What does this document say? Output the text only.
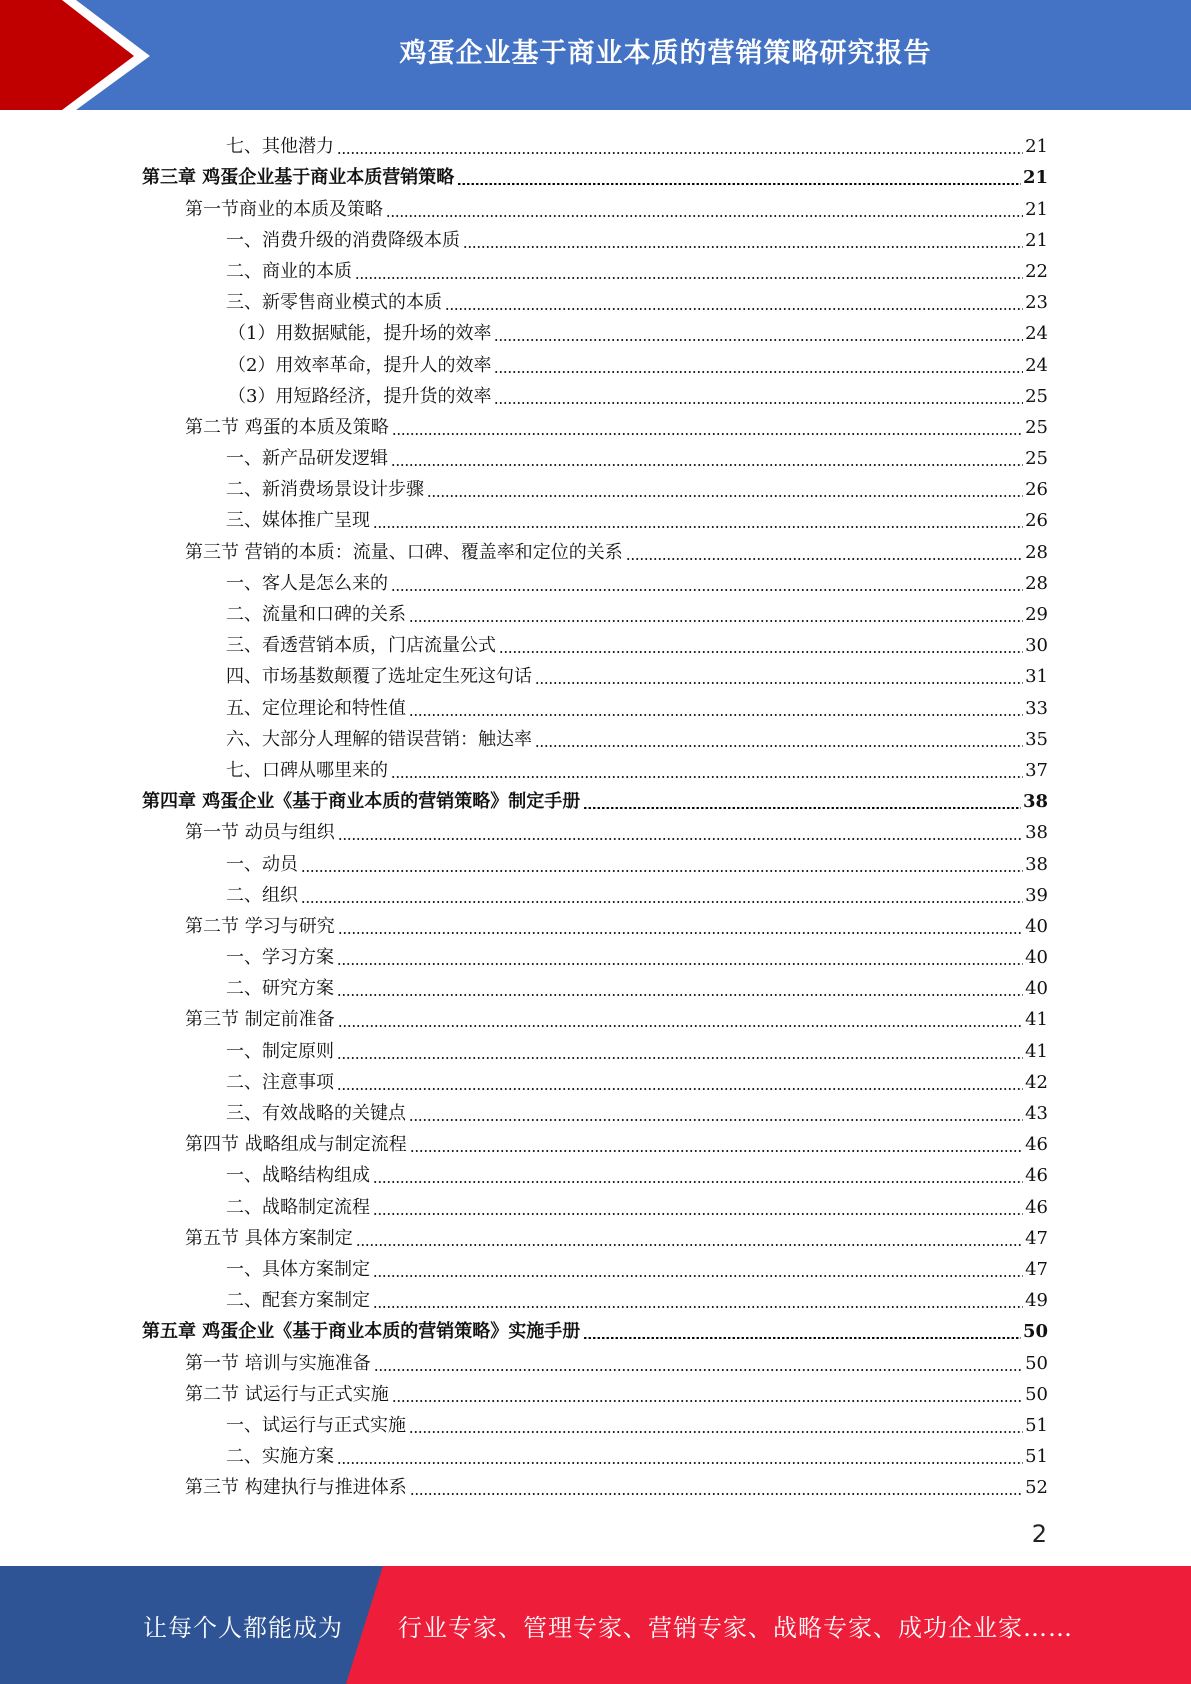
鸡蛋企业基于商业本质的营销策略研究报告
七、其他潜力	21
第三章 鸡蛋企业基于商业本质营销策略	21
第一节商业的本质及策略	21
一、消费升级的消费降级本质	21
二、商业的本质	22
三、新零售商业模式的本质	23
（1）用数据赋能，提升场的效率	24
（2）用效率革命，提升人的效率	24
（3）用短路经济，提升货的效率	25
第二节 鸡蛋的本质及策略	25
一、新产品研发逻辑	25
二、新消费场景设计步骤	26
三、媒体推广呈现	26
第三节 营销的本质：流量、口碑、覆盖率和定位的关系	28
一、客人是怎么来的	28
二、流量和口碑的关系	29
三、看透营销本质，门店流量公式	30
四、市场基数颠覆了选址定生死这句话	31
五、定位理论和特性值	33
六、大部分人理解的错误营销：触达率	35
七、口碑从哪里来的	37
第四章 鸡蛋企业《基于商业本质的营销策略》制定手册	38
第一节 动员与组织	38
一、动员	38
二、组织	39
第二节 学习与研究	40
一、学习方案	40
二、研究方案	40
第三节 制定前准备	41
一、制定原则	41
二、注意事项	42
三、有效战略的关键点	43
第四节 战略组成与制定流程	46
一、战略结构组成	46
二、战略制定流程	46
第五节 具体方案制定	47
一、具体方案制定	47
二、配套方案制定	49
第五章 鸡蛋企业《基于商业本质的营销策略》实施手册	50
第一节 培训与实施准备	50
第二节 试运行与正式实施	50
一、试运行与正式实施	51
二、实施方案	51
第三节 构建执行与推进体系	52
2
让每个人都能成为 行业专家、管理专家、营销专家、战略专家、成功企业家……
